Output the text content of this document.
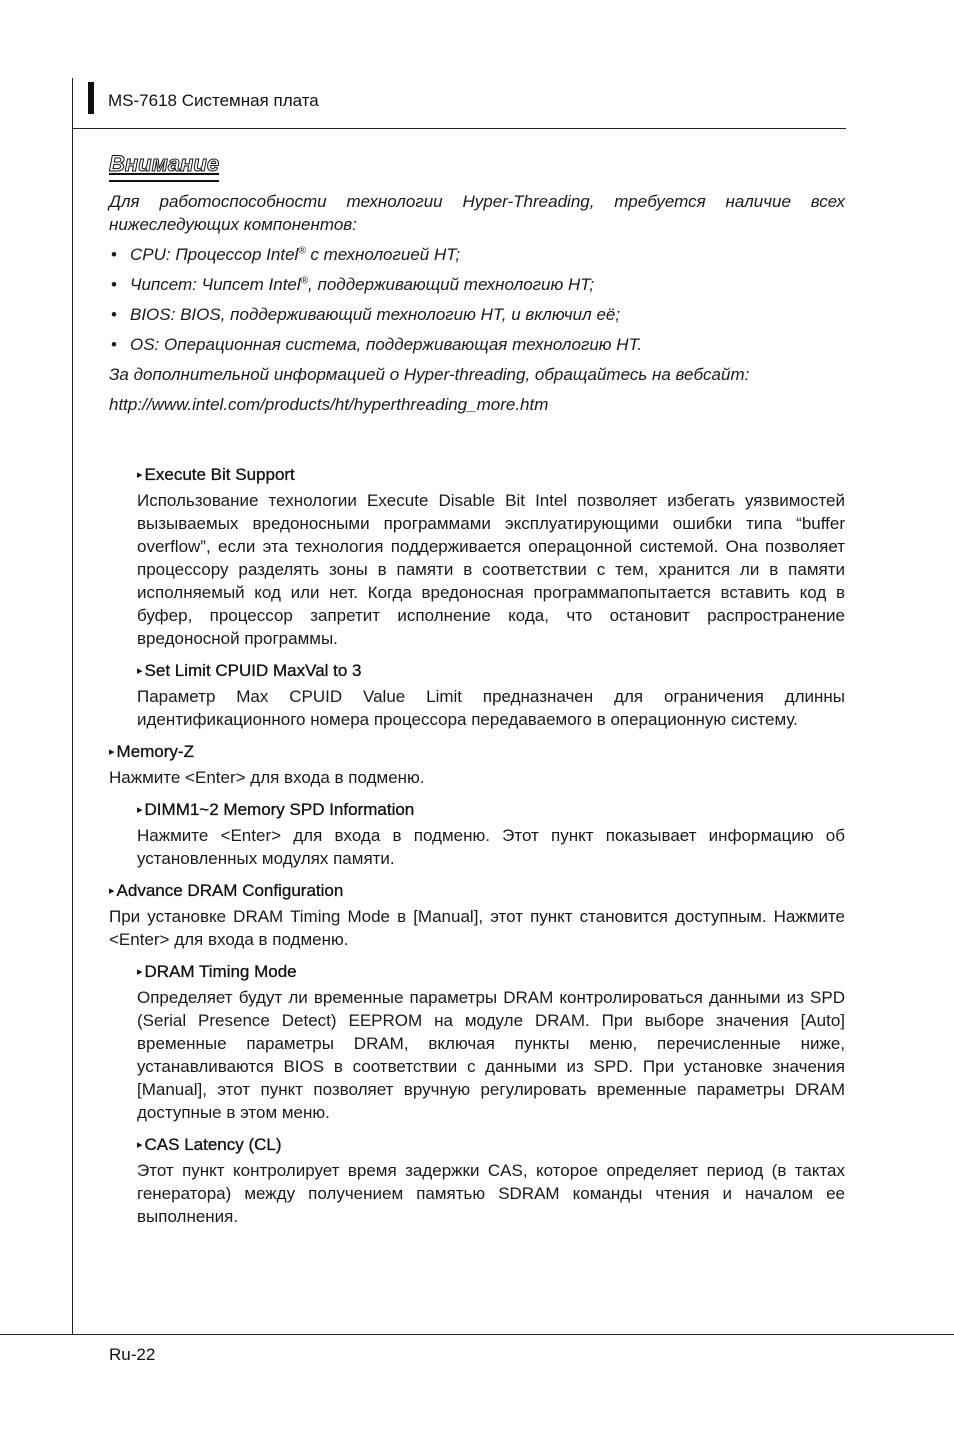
MS-7618 Системная плата
Внимание

Для работоспособности технологии Hyper-Threading, требуется наличие всех нижеследующих компонентов:

• CPU: Процессор Intel® с технологией HT;
• Чипсет: Чипсет Intel®, поддерживающий технологию HT;
• BIOS: BIOS, поддерживающий технологию HT, и включил её;
• OS: Операционная система, поддерживающая технологию HT.

За дополнительной информацией о Hyper-threading, обращайтесь на вебсайт:

http://www.intel.com/products/ht/hyperthreading_more.htm

▸ Execute Bit Support
Использование технологии Execute Disable Bit Intel позволяет избегать уязвимостей вызываемых вредоносными программами эксплуатирующими ошибки типа “buffer overflow”, если эта технология поддерживается операцонной системой. Она позволяет процессору разделять зоны в памяти в соответствии с тем, хранится ли в памяти исполняемый код или нет. Когда вредоносная программапопытается вставить код в буфер, процессор запретит исполнение кода, что остановит распространение вредоносной программы.
▸ Set Limit CPUID MaxVal to 3
Параметр Max CPUID Value Limit предназначен для ограничения длинны идентификационного номера процессора передаваемого в операционную систему.
▸ Memory-Z
Нажмите <Enter> для входа в подменю.
▸ DIMM1~2 Memory SPD Information
Нажмите <Enter> для входа в подменю. Этот пункт показывает информацию об установленных модулях памяти.
▸ Advance DRAM Configuration
При установке DRAM Timing Mode в [Manual], этот пункт становится доступным. Нажмите <Enter> для входа в подменю.
▸ DRAM Timing Mode
Определяет будут ли временные параметры DRAM контролироваться данными из SPD (Serial Presence Detect) EEPROM на модуле DRAM. При выборе значения [Auto] временные параметры DRAM, включая пункты меню, перечисленные ниже, устанавливаются BIOS в соответствии с данными из SPD. При установке значения [Manual], этот пункт позволяет вручную регулировать временные параметры DRAM доступные в этом меню.
▸ CAS Latency (CL)
Этот пункт контролирует время задержки CAS, которое определяет период (в тактах генератора) между получением памятью SDRAM команды чтения и началом ее выполнения.
Ru-22
